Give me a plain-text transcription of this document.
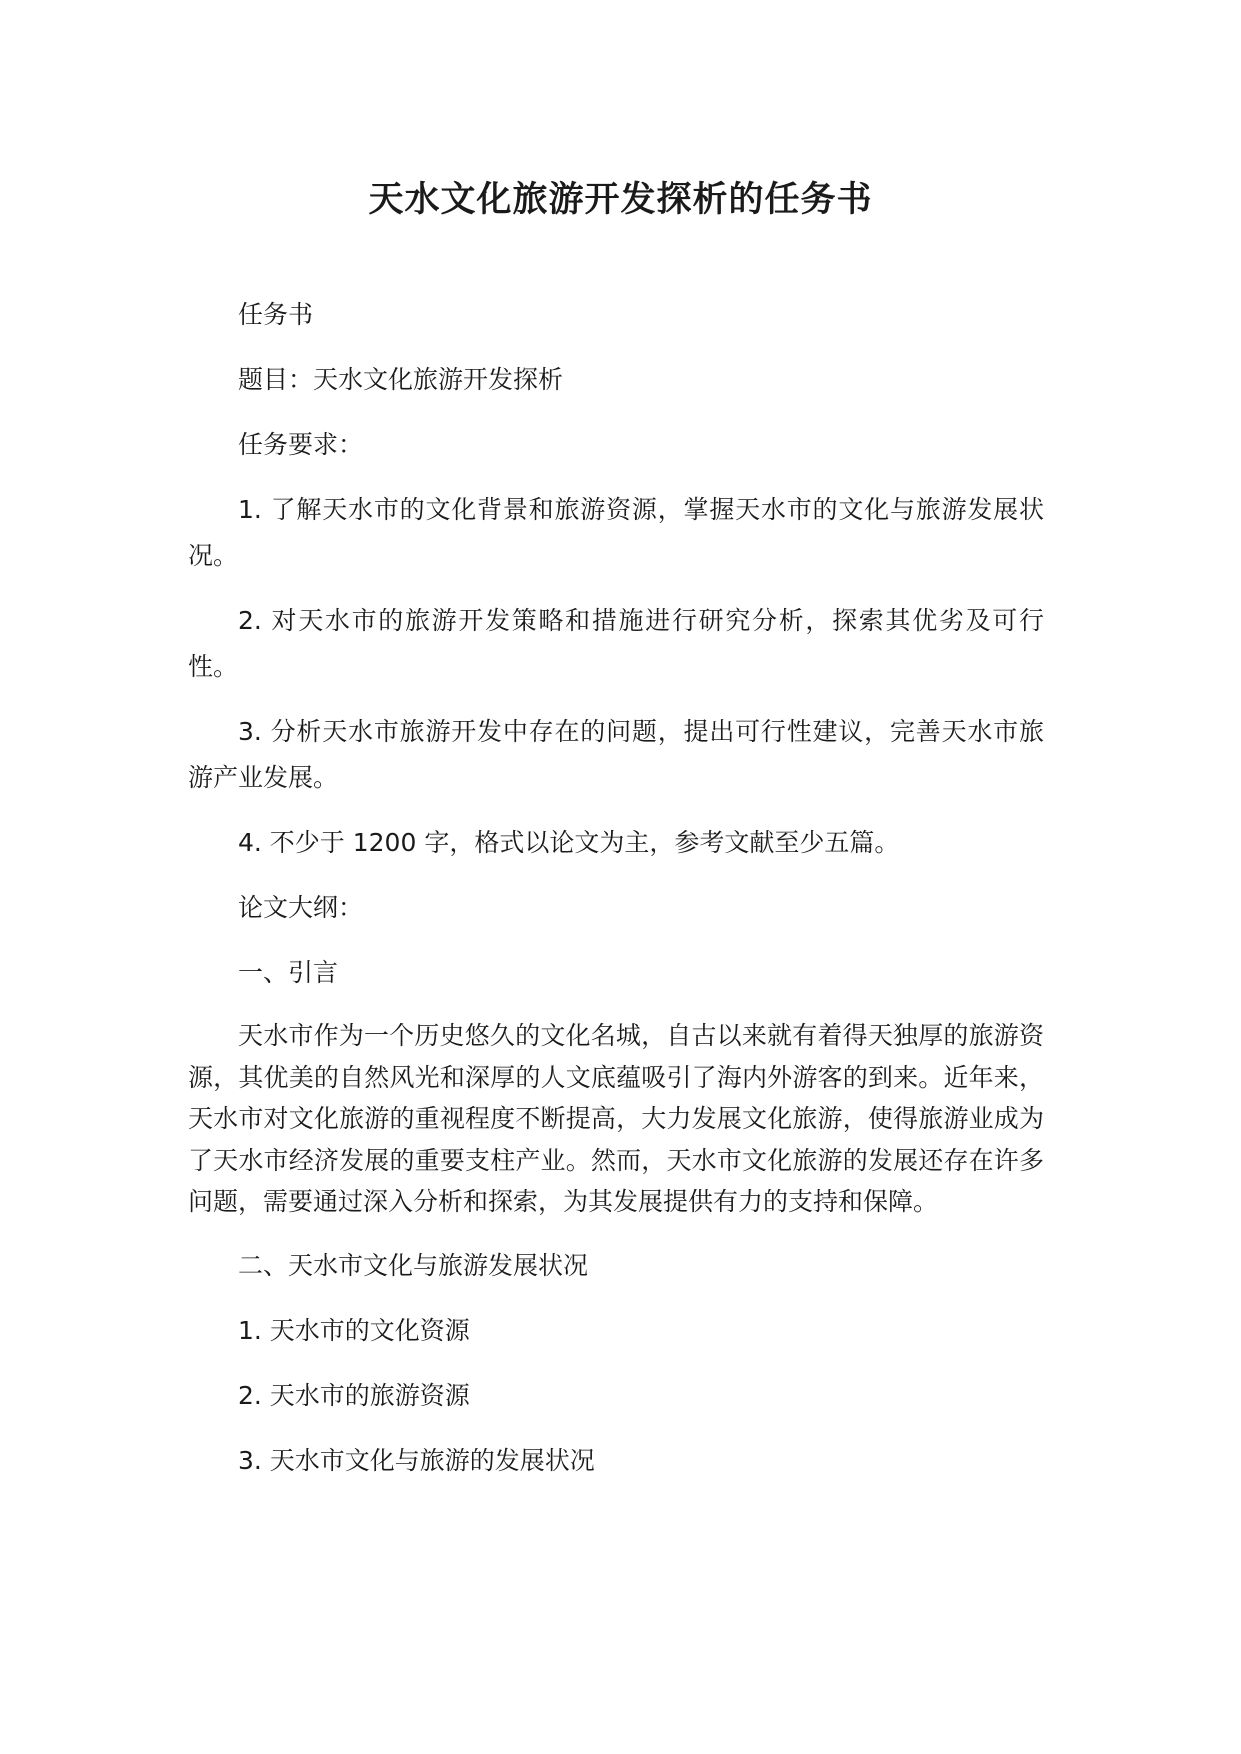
天水文化旅游开发探析的任务书

任务书

题目：天水文化旅游开发探析

任务要求：

1. 了解天水市的文化背景和旅游资源，掌握天水市的文化与旅游发展状况。

2. 对天水市的旅游开发策略和措施进行研究分析，探索其优劣及可行性。

3. 分析天水市旅游开发中存在的问题，提出可行性建议，完善天水市旅游产业发展。

4. 不少于 1200 字，格式以论文为主，参考文献至少五篇。

论文大纲：

一、引言

天水市作为一个历史悠久的文化名城，自古以来就有着得天独厚的旅游资源，其优美的自然风光和深厚的人文底蕴吸引了海内外游客的到来。近年来，天水市对文化旅游的重视程度不断提高，大力发展文化旅游，使得旅游业成为了天水市经济发展的重要支柱产业。然而，天水市文化旅游的发展还存在许多问题，需要通过深入分析和探索，为其发展提供有力的支持和保障。

二、天水市文化与旅游发展状况

1. 天水市的文化资源

2. 天水市的旅游资源

3. 天水市文化与旅游的发展状况
